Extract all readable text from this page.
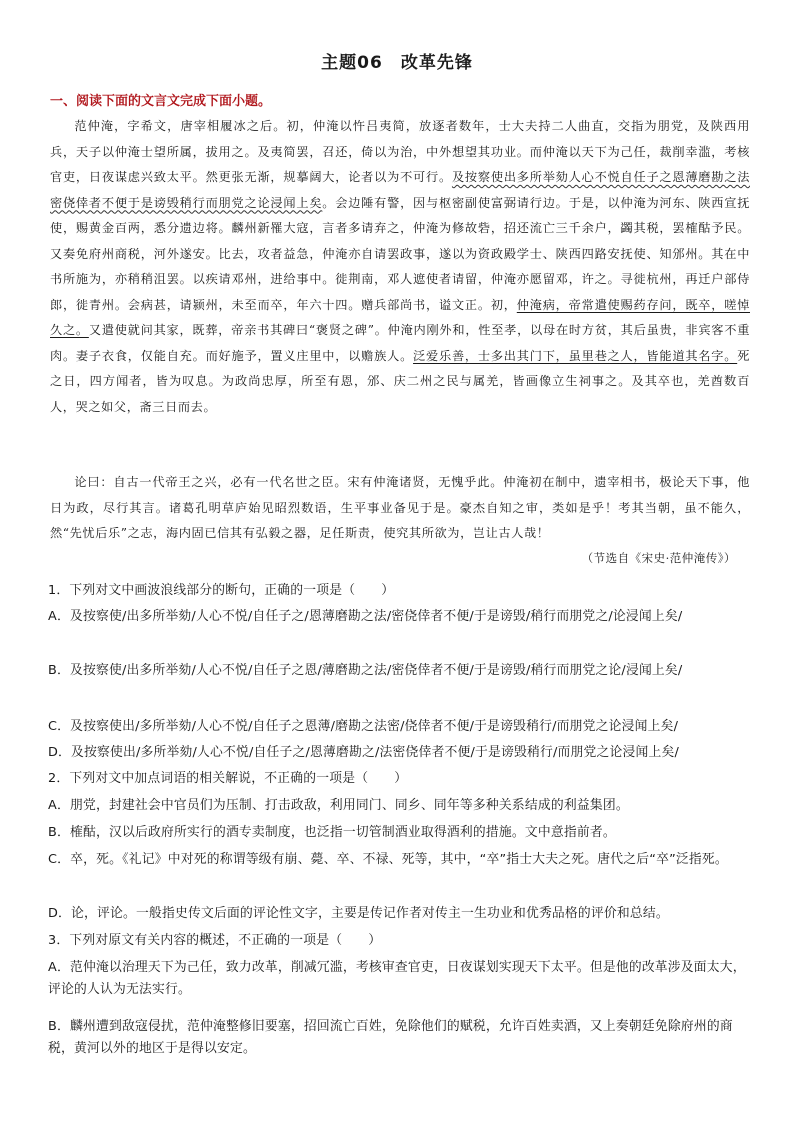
主题06　改革先锋
一、阅读下面的文言文完成下面小题。

范仲淹，字希文，唐宰相履冰之后。初，仲淹以忤吕夷简，放逐者数年，士大夫持二人曲直，交指为朋党，及陕西用兵，天子以仲淹士望所属，拔用之。及夷简罢，召还，倚以为治，中外想望其功业。而仲淹以天下为己任，裁削幸滥，考核官吏，日夜谋虑兴致太平。然更张无渐，规摹阔大，论者以为不可行。及按察使出多所举劾人心不悦自任子之恩薄磨勘之法密侥倖者不便于是谤毁稍行而朋党之论浸闻上矣。会边陲有警，因与枢密副使富弼请行边。于是，以仲淹为河东、陕西宣抚使，赐黄金百两，悉分遗边将。麟州新罹大寇，言者多请弃之，仲淹为修故砦，招还流亡三千余户，蠲其税，罢榷酤予民。又奏免府州商税，河外遂安。比去，攻者益急，仲淹亦自请罢政事，遂以为资政殿学士、陕西四路安抚使、知邠州。其在中书所施为，亦稍稍沮罢。以疾请邓州，进给事中。徙荆南，邓人遮使者请留，仲淹亦愿留邓，许之。寻徙杭州，再迁户部侍郎，徙青州。会病甚，请颍州，未至而卒，年六十四。赠兵部尚书，谥文正。初，仲淹病，帝常遣使赐药存问，既卒，嗟悼久之。又遣使就问其家，既葬，帝亲书其碑曰“褒贤之碑”。仲淹内刚外和，性至孝，以母在时方贫，其后虽贵，非宾客不重肉。妻子衣食，仅能自充。而好施予，置义庄里中，以赡族人。泛爱乐善，士多出其门下，虽里巷之人，皆能道其名字。死之日，四方闻者，皆为叹息。为政尚忠厚，所至有恩，邠、庆二州之民与属羌，皆画像立生祠事之。及其卒也，羌酋数百人，哭之如父，斋三日而去。

论曰：自古一代帝王之兴，必有一代名世之臣。宋有仲淹诸贤，无愧乎此。仲淹初在制中，遗宰相书，极论天下事，他日为政，尽行其言。诸葛孔明草庐始见昭烈数语，生平事业备见于是。豪杰自知之审，类如是乎！考其当朝，虽不能久，然“先忧后乐”之志，海内固已信其有弘毅之器，足任斯责，使究其所欲为，岂让古人哉！

（节选自《宋史·范仲淹传》）
1．下列对文中画波浪线部分的断句，正确的一项是（　　）
A．及按察使/出多所举劾/人心不悦/自任子之/恩薄磨勘之法/密侥倖者不便/于是谤毁/稍行而朋党之/论浸闻上矣/
B．及按察使/出多所举劾/人心不悦/自任子之恩/薄磨勘之法/密侥倖者不便/于是谤毁/稍行而朋党之论/浸闻上矣/
C．及按察使出/多所举劾/人心不悦/自任子之恩薄/磨勘之法密/侥倖者不便/于是谤毁稍行/而朋党之论浸闻上矣/
D．及按察使出/多所举劾/人心不悦/自任子之/恩薄磨勘之/法密侥倖者不便/于是谤毁稍行/而朋党之论浸闻上矣/
2．下列对文中加点词语的相关解说，不正确的一项是（　　）
A．朋党，封建社会中官员们为压制、打击政敌，利用同门、同乡、同年等多种关系结成的利益集团。
B．榷酤，汉以后政府所实行的酒专卖制度，也泛指一切管制酒业取得酒利的措施。文中意指前者。
C．卒，死。《礼记》中对死的称谓等级有崩、薨、卒、不禄、死等，其中，“卒”指士大夫之死。唐代之后“卒”泛指死。
D．论，评论。一般指史传文后面的评论性文字，主要是传记作者对传主一生功业和优秀品格的评价和总结。
3．下列对原文有关内容的概述，不正确的一项是（　　）
A．范仲淹以治理天下为己任，致力改革，削减冗滥，考核审查官吏，日夜谋划实现天下太平。但是他的改革涉及面太大，评论的人认为无法实行。
B．麟州遭到敌寇侵扰，范仲淹整修旧要塞，招回流亡百姓，免除他们的赋税，允许百姓卖酒，又上奏朝廷免除府州的商税，黄河以外的地区于是得以安定。
